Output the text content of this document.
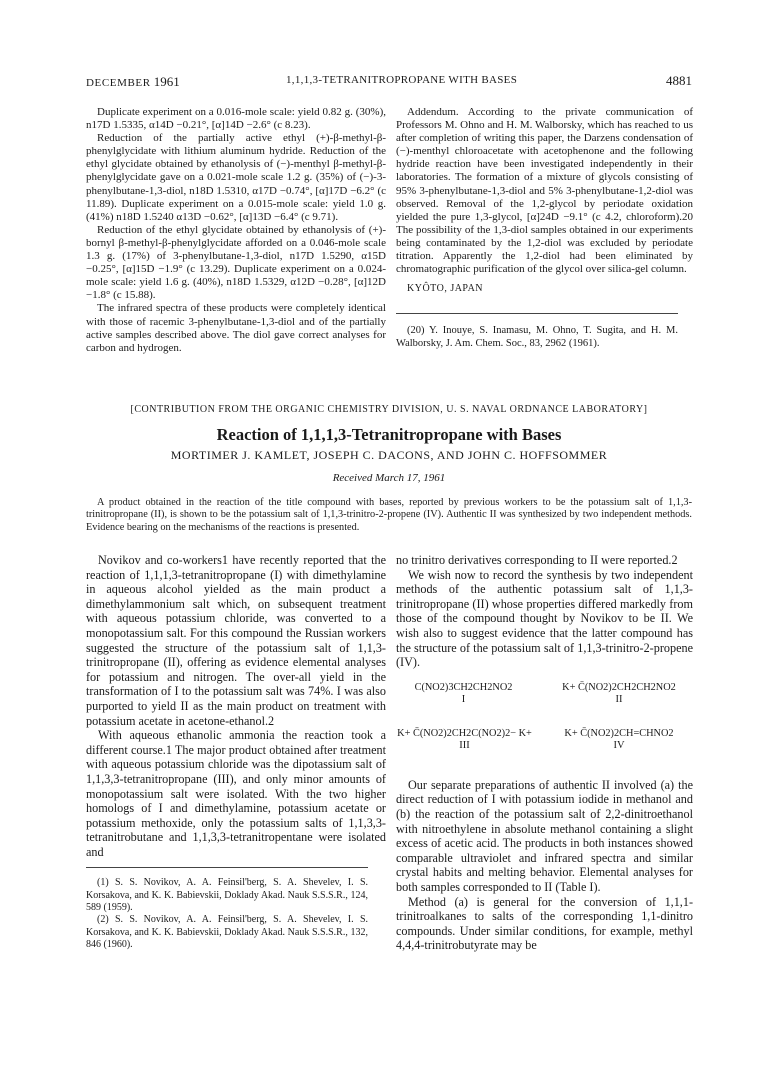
DECEMBER 1961	1,1,1,3-TETRANITROPROPANE WITH BASES	4881

Duplicate experiment on a 0.016-mole scale: yield 0.82 g. (30%), n17D 1.5335, α14D −0.21°, [α]14D −2.6° (c 8.23).

Reduction of the partially active ethyl (+)-β-methyl-β-phenylglycidate with lithium aluminum hydride. Reduction of the ethyl glycidate obtained by ethanolysis of (−)-menthyl β-methyl-β-phenylglycidate gave on a 0.021-mole scale 1.2 g. (35%) of (−)-3-phenylbutane-1,3-diol, n18D 1.5310, α17D −0.74°, [α]17D −6.2° (c 11.89). Duplicate experiment on a 0.015-mole scale: yield 1.0 g. (41%) n18D 1.5240 α13D −0.62°, [α]13D −6.4° (c 9.71).

Reduction of the ethyl glycidate obtained by ethanolysis of (+)-bornyl β-methyl-β-phenylglycidate afforded on a 0.046-mole scale 1.3 g. (17%) of 3-phenylbutane-1,3-diol, n17D 1.5290, α15D −0.25°, [α]15D −1.9° (c 13.29). Duplicate experiment on a 0.024-mole scale: yield 1.6 g. (40%), n18D 1.5329, α12D −0.28°, [α]12D −1.8° (c 15.88).

The infrared spectra of these products were completely identical with those of racemic 3-phenylbutane-1,3-diol and of the partially active samples described above. The diol gave correct analyses for carbon and hydrogen.

Addendum. According to the private communication of Professors M. Ohno and H. M. Walborsky, which has reached to us after completion of writing this paper, the Darzens condensation of (−)-menthyl chloroacetate with acetophenone and the following hydride reaction have been investigated independently in their laboratories. The formation of a mixture of glycols consisting of 95% 3-phenylbutane-1,3-diol and 5% 3-phenylbutane-1,2-diol was observed. Removal of the 1,2-glycol by periodate oxidation yielded the pure 1,3-glycol, [α]24D −9.1° (c 4.2, chloroform).20 The possibility of the 1,3-diol samples obtained in our experiments being contaminated by the 1,2-diol was excluded by periodate titration. Apparently the 1,2-diol had been eliminated by chromatographic purification of the glycol over silica-gel column.

KYÔTO, JAPAN

(20) Y. Inouye, S. Inamasu, M. Ohno, T. Sugita, and H. M. Walborsky, J. Am. Chem. Soc., 83, 2962 (1961).

[CONTRIBUTION FROM THE ORGANIC CHEMISTRY DIVISION, U. S. NAVAL ORDNANCE LABORATORY]
Reaction of 1,1,1,3-Tetranitropropane with Bases
MORTIMER J. KAMLET, JOSEPH C. DACONS, AND JOHN C. HOFFSOMMER
Received March 17, 1961

A product obtained in the reaction of the title compound with bases, reported by previous workers to be the potassium salt of 1,1,3-trinitropropane (II), is shown to be the potassium salt of 1,1,3-trinitro-2-propene (IV). Authentic II was synthesized by two independent methods. Evidence bearing on the mechanisms of the reactions is presented.

Novikov and co-workers1 have recently reported that the reaction of 1,1,1,3-tetranitropropane (I) with dimethylamine in aqueous alcohol yielded as the main product a dimethylammonium salt which, on subsequent treatment with aqueous potassium chloride, was converted to a monopotassium salt. For this compound the Russian workers suggested the structure of the potassium salt of 1,1,3-trinitropropane (II), offering as evidence elemental analyses for potassium and nitrogen. The over-all yield in the transformation of I to the potassium salt was 74%. I was also purported to yield II as the main product on treatment with potassium acetate in acetone-ethanol.2

With aqueous ethanolic ammonia the reaction took a different course.1 The major product obtained after treatment with aqueous potassium chloride was the dipotassium salt of 1,1,3,3-tetranitropropane (III), and only minor amounts of monopotassium salt were isolated. With the two higher homologs of I and dimethylamine, potassium acetate or potassium methoxide, only the potassium salts of 1,1,3,3-tetranitrobutane and 1,1,3,3-tetranitropentane were isolated and

(1) S. S. Novikov, A. A. Feinsil'berg, S. A. Shevelev, I. S. Korsakova, and K. K. Babievskii, Doklady Akad. Nauk S.S.S.R., 124, 589 (1959).

(2) S. S. Novikov, A. A. Feinsil'berg, S. A. Shevelev, I. S. Korsakova, and K. K. Babievskii, Doklady Akad. Nauk S.S.S.R., 132, 846 (1960).

no trinitro derivatives corresponding to II were reported.2

We wish now to record the synthesis by two independent methods of the authentic potassium salt of 1,1,3-trinitropropane (II) whose properties differed markedly from those of the compound thought by Novikov to be II. We wish also to suggest evidence that the latter compound has the structure of the potassium salt of 1,1,3-trinitro-2-propene (IV).

C(NO2)3CH2CH2NO2
I
K+ C̄(NO2)2CH2CH2NO2
II
K+ C̄(NO2)2CH2C(NO2)2− K+
III
K+ C̄(NO2)2CH=CHNO2
IV

Our separate preparations of authentic II involved (a) the direct reduction of I with potassium iodide in methanol and (b) the reaction of the potassium salt of 2,2-dinitroethanol with nitroethylene in absolute methanol containing a slight excess of acetic acid. The products in both instances showed comparable ultraviolet and infrared spectra and similar crystal habits and melting behavior. Elemental analyses for both samples corresponded to II (Table I).

Method (a) is general for the conversion of 1,1,1-trinitroalkanes to salts of the corresponding 1,1-dinitro compounds. Under similar conditions, for example, methyl 4,4,4-trinitrobutyrate may be
